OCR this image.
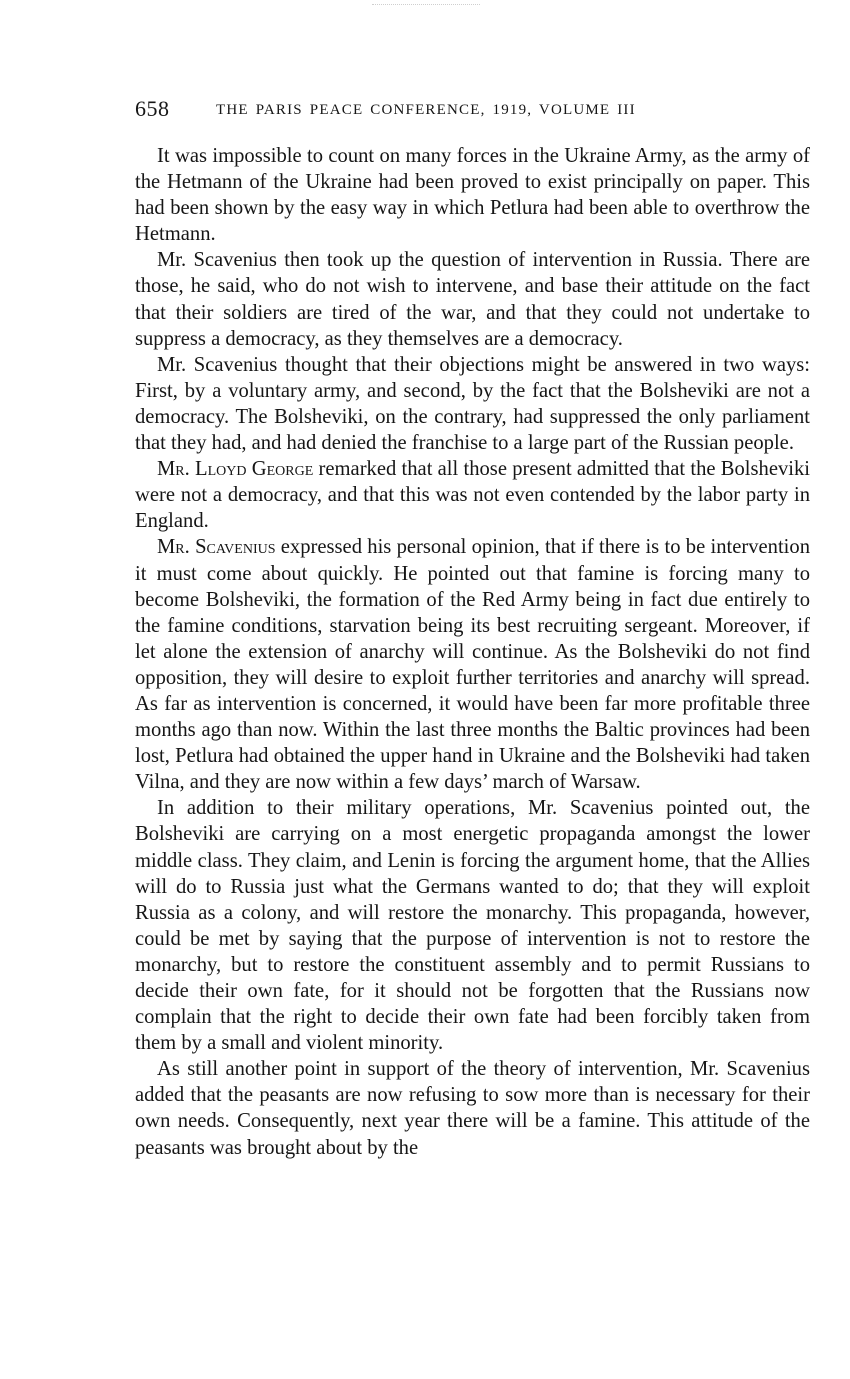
658	THE PARIS PEACE CONFERENCE, 1919, VOLUME III

It was impossible to count on many forces in the Ukraine Army, as the army of the Hetmann of the Ukraine had been proved to exist principally on paper. This had been shown by the easy way in which Petlura had been able to overthrow the Hetmann.

Mr. Scavenius then took up the question of intervention in Russia. There are those, he said, who do not wish to intervene, and base their attitude on the fact that their soldiers are tired of the war, and that they could not undertake to suppress a democracy, as they themselves are a democracy.

Mr. Scavenius thought that their objections might be answered in two ways: First, by a voluntary army, and second, by the fact that the Bolsheviki are not a democracy. The Bolsheviki, on the contrary, had suppressed the only parliament that they had, and had denied the franchise to a large part of the Russian people.

Mr. Lloyd George remarked that all those present admitted that the Bolsheviki were not a democracy, and that this was not even contended by the labor party in England.

Mr. Scavenius expressed his personal opinion, that if there is to be intervention it must come about quickly. He pointed out that famine is forcing many to become Bolsheviki, the formation of the Red Army being in fact due entirely to the famine conditions, starvation being its best recruiting sergeant. Moreover, if let alone the extension of anarchy will continue. As the Bolsheviki do not find opposition, they will desire to exploit further territories and anarchy will spread. As far as intervention is concerned, it would have been far more profitable three months ago than now. Within the last three months the Baltic provinces had been lost, Petlura had obtained the upper hand in Ukraine and the Bolsheviki had taken Vilna, and they are now within a few days’ march of Warsaw.

In addition to their military operations, Mr. Scavenius pointed out, the Bolsheviki are carrying on a most energetic propaganda amongst the lower middle class. They claim, and Lenin is forcing the argument home, that the Allies will do to Russia just what the Germans wanted to do; that they will exploit Russia as a colony, and will restore the monarchy. This propaganda, however, could be met by saying that the purpose of intervention is not to restore the monarchy, but to restore the constituent assembly and to permit Russians to decide their own fate, for it should not be forgotten that the Russians now complain that the right to decide their own fate had been forcibly taken from them by a small and violent minority.

As still another point in support of the theory of intervention, Mr. Scavenius added that the peasants are now refusing to sow more than is necessary for their own needs. Consequently, next year there will be a famine. This attitude of the peasants was brought about by the
